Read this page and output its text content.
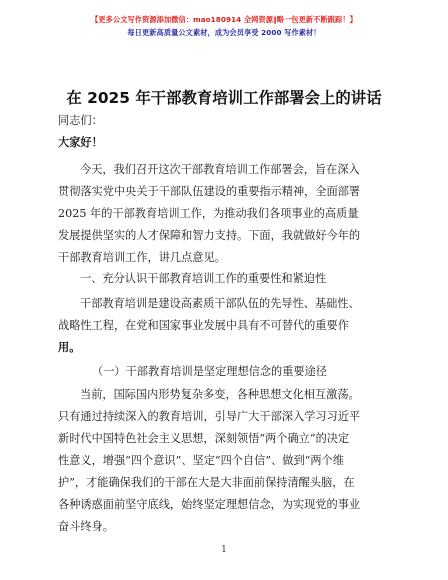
【更多公文写作资源添加微信：mao180914 全网资源‖略一包更新不断跟踪！】
每日更新高质量公文素材，成为会员享受 2000 写作素材！
在 2025 年干部教育培训工作部署会上的讲话
同志们：
大家好！
今天，我们召开这次干部教育培训工作部署会，旨在深入
贯彻落实党中央关于干部队伍建设的重要指示精神，全面部署
2025 年的干部教育培训工作，为推动我们各项事业的高质量
发展提供坚实的人才保障和智力支持。下面，我就做好今年的
干部教育培训工作，讲几点意见。
一、充分认识干部教育培训工作的重要性和紧迫性
干部教育培训是建设高素质干部队伍的先导性、基础性、
战略性工程，在党和国家事业发展中具有不可替代的重要作
用。
（一）干部教育培训是坚定理想信念的重要途径
当前，国际国内形势复杂多变，各种思想文化相互激荡。
只有通过持续深入的教育培训，引导广大干部深入学习习近平
新时代中国特色社会主义思想，深刻领悟“两个确立”的决定
性意义，增强“四个意识”、坚定“四个自信”、做到“两个维
护”，才能确保我们的干部在大是大非面前保持清醒头脑，在
各种诱惑面前坚守底线，始终坚定理想信念，为实现党的事业
奋斗终身。
1
